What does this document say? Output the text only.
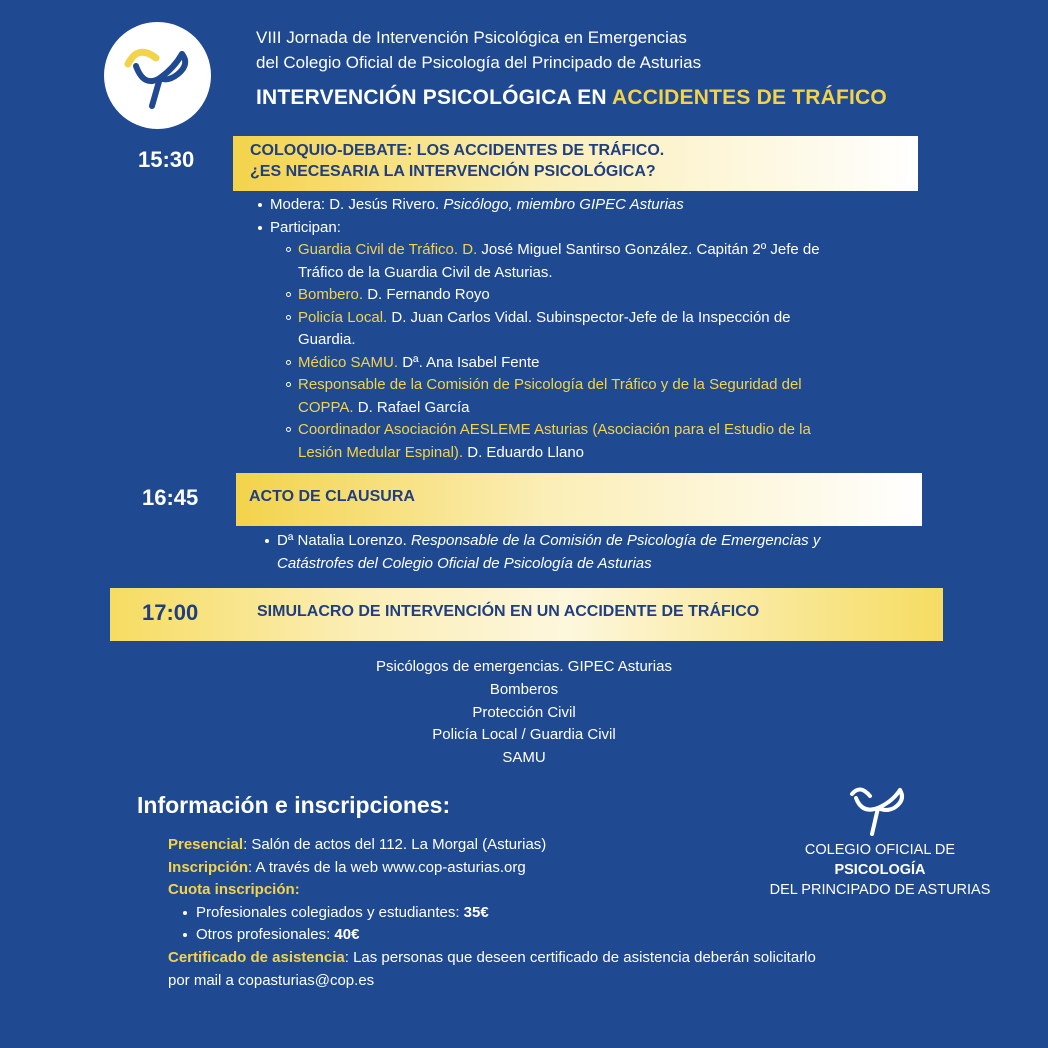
VIII Jornada de Intervención Psicológica en Emergencias
del Colegio Oficial de Psicología del Principado de Asturias
INTERVENCIÓN PSICOLÓGICA EN ACCIDENTES DE TRÁFICO
15:30	COLOQUIO-DEBATE: LOS ACCIDENTES DE TRÁFICO.
¿ES NECESARIA LA INTERVENCIÓN PSICOLÓGICA?
Modera: D. Jesús Rivero. Psicólogo, miembro GIPEC Asturias
Participan:
Guardia Civil de Tráfico. D. José Miguel Santirso González. Capitán 2º Jefe de Tráfico de la Guardia Civil de Asturias.
Bombero. D. Fernando Royo
Policía Local. D. Juan Carlos Vidal. Subinspector-Jefe de la Inspección de Guardia.
Médico SAMU. Dª. Ana Isabel Fente
Responsable de la Comisión de Psicología del Tráfico y de la Seguridad del COPPA. D. Rafael García
Coordinador Asociación AESLEME Asturias (Asociación para el Estudio de la Lesión Medular Espinal). D. Eduardo Llano
16:45	ACTO DE CLAUSURA
Dª Natalia Lorenzo. Responsable de la Comisión de Psicología de Emergencias y Catástrofes del Colegio Oficial de Psicología de Asturias
17:00	SIMULACRO DE INTERVENCIÓN EN UN ACCIDENTE DE TRÁFICO
Psicólogos de emergencias. GIPEC Asturias
Bomberos
Protección Civil
Policía Local / Guardia Civil
SAMU
Información e inscripciones:
Presencial: Salón de actos del 112. La Morgal (Asturias)
Inscripción: A través de la web www.cop-asturias.org
Cuota inscripción:
Profesionales colegiados y estudiantes: 35€
Otros profesionales: 40€
Certificado de asistencia: Las personas que deseen certificado de asistencia deberán solicitarlo por mail a copasturias@cop.es
COLEGIO OFICIAL DE PSICOLOGÍA
DEL PRINCIPADO DE ASTURIAS
